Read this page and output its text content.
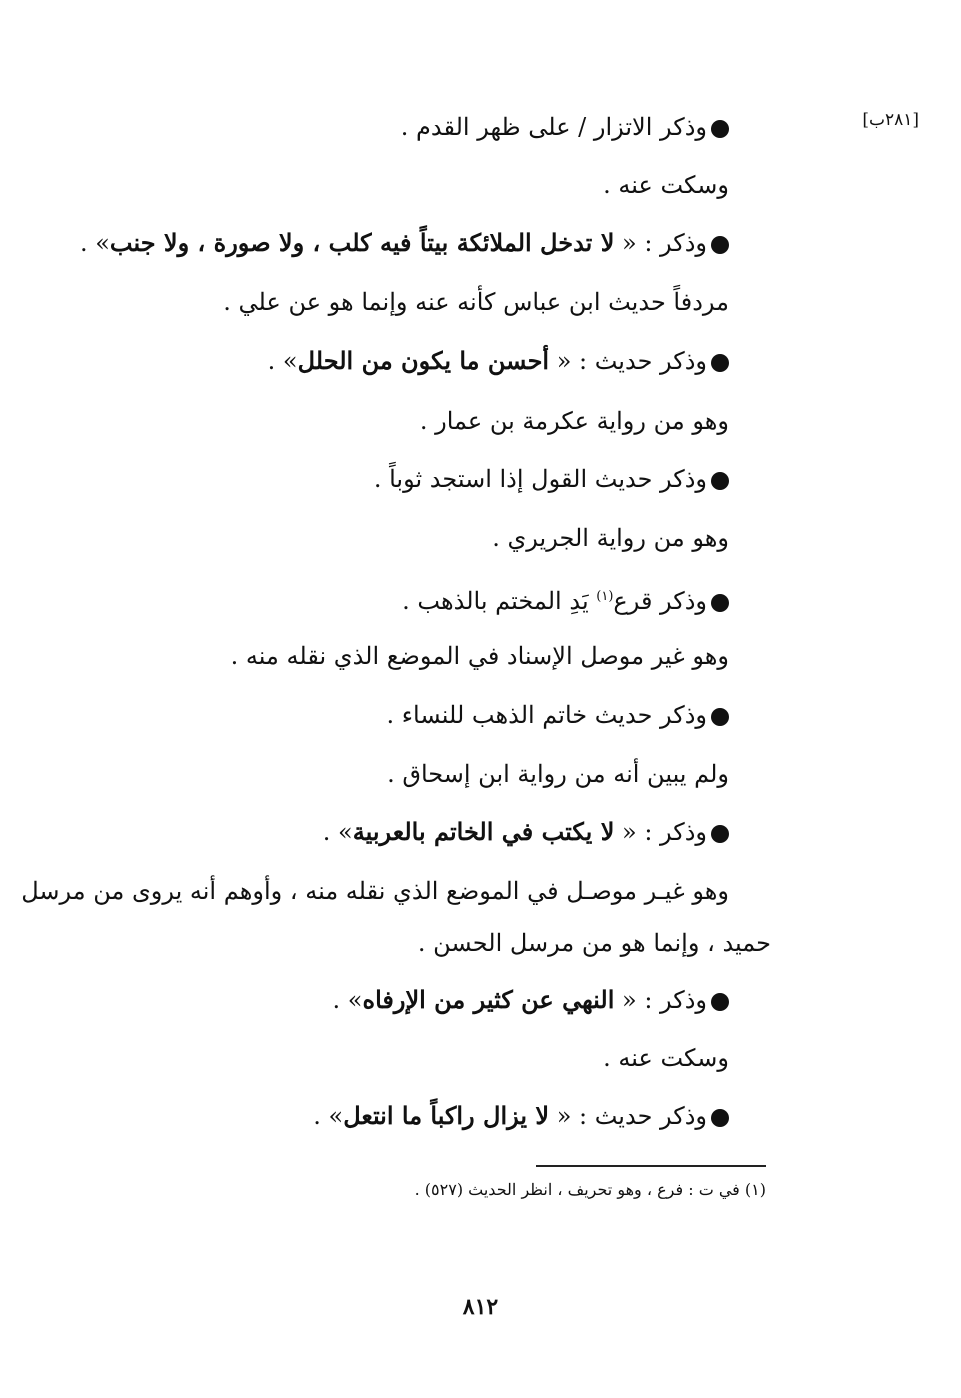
[٢٨١ب]
وذكر الاتزار / على ظهر القدم .
وسكت عنه .
وذكر : « لا تدخل الملائكة بيتاً فيه كلب ، ولا صورة ، ولا جنب» .
مردفاً حديث ابن عباس كأنه عنه وإنما هو عن علي .
وذكر حديث : « أحسن ما يكون من الحلل» .
وهو من رواية عكرمة بن عمار .
وذكر حديث القول إذا استجد ثوباً .
وهو من رواية الجريري .
وذكر قرع$^{(١)}$ يَدِ المختم بالذهب .
وهو غير موصل الإسناد في الموضع الذي نقله منه .
وذكر حديث خاتم الذهب للنساء .
ولم يبين أنه من رواية ابن إسحاق .
وذكر : « لا يكتب في الخاتم بالعربية» .
وهو غيـر موصـل في الموضع الذي نقله منه ، وأوهم أنه يروى من مرسل
حميد ، وإنما هو من مرسل الحسن .
وذكر : « النهي عن كثير من الإرفاه» .
وسكت عنه .
وذكر حديث : « لا يزال راكباً ما انتعل» .
(١) في ت : فرع ، وهو تحريف ، انظر الحديث (٥٢٧) .
٨١٢
